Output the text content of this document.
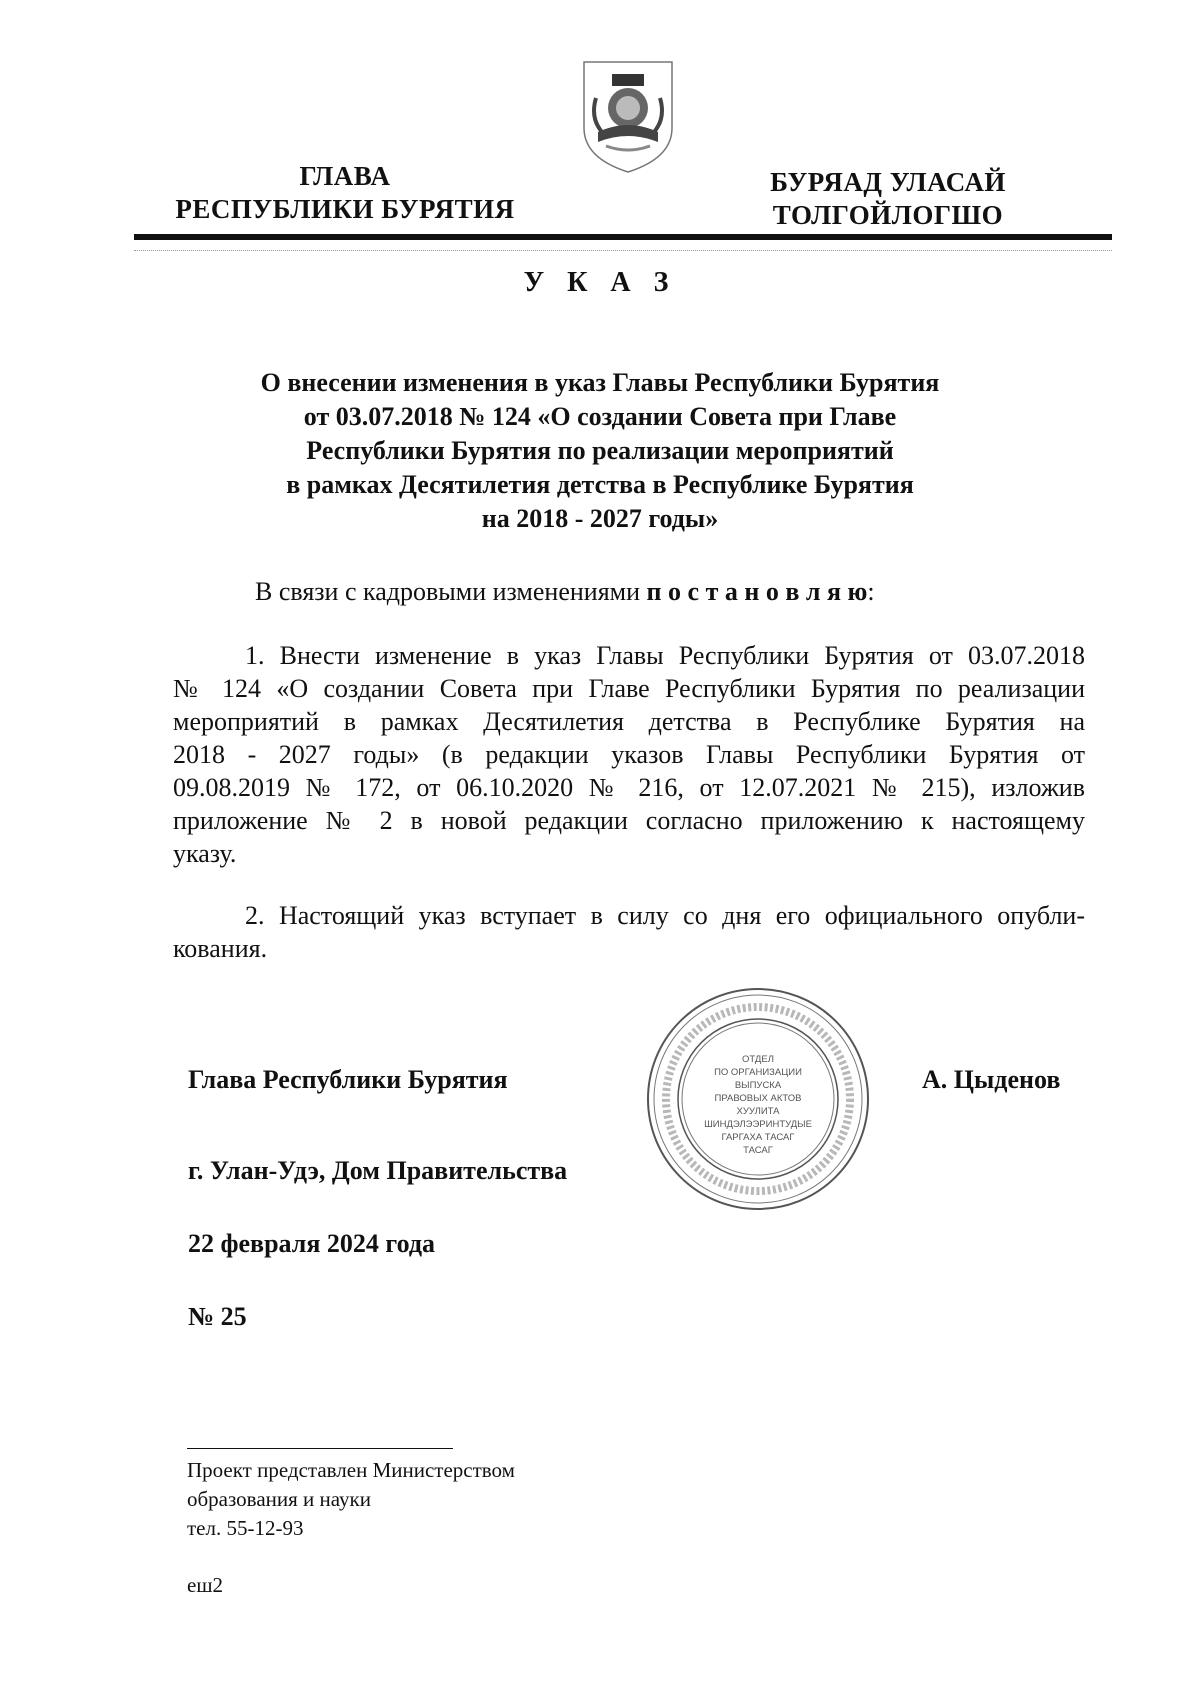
ГЛАВА
РЕСПУБЛИКИ БУРЯТИЯ
БУРЯАД УЛАСАЙ
ТОЛГОЙЛОГШО
У К А З
О внесении изменения в указ Главы Республики Бурятия
от 03.07.2018 № 124 «О создании Совета при Главе
Республики Бурятия по реализации мероприятий
в рамках Десятилетия детства в Республике Бурятия
на 2018 - 2027 годы»
В связи с кадровыми изменениями п о с т а н о в л я ю:
1. Внести изменение в указ Главы Республики Бурятия от 03.07.2018
№ 124 «О создании Совета при Главе Республики Бурятия по реализации
мероприятий в рамках Десятилетия детства в Республике Бурятия на
2018 - 2027 годы» (в редакции указов Главы Республики Бурятия от
09.08.2019 № 172, от 06.10.2020 № 216, от 12.07.2021 № 215), изложив
приложение № 2 в новой редакции согласно приложению к настоящему
указу.
2. Настоящий указ вступает в силу со дня его официального опубли-
кования.
ОТДЕЛ
ПО ОРГАНИЗАЦИИ
ВЫПУСКА
ПРАВОВЫХ АКТОВ
ХУУЛИТА
ШИНДЭЛЭЭРИНТУДЫЕ
ГАРГАХА ТАСАГ
ТАСАГ
Глава Республики Бурятия	А. Цыденов
г. Улан-Удэ, Дом Правительства
22 февраля 2024 года
№ 25
Проект представлен Министерством
образования и науки
тел. 55-12-93
еш2
